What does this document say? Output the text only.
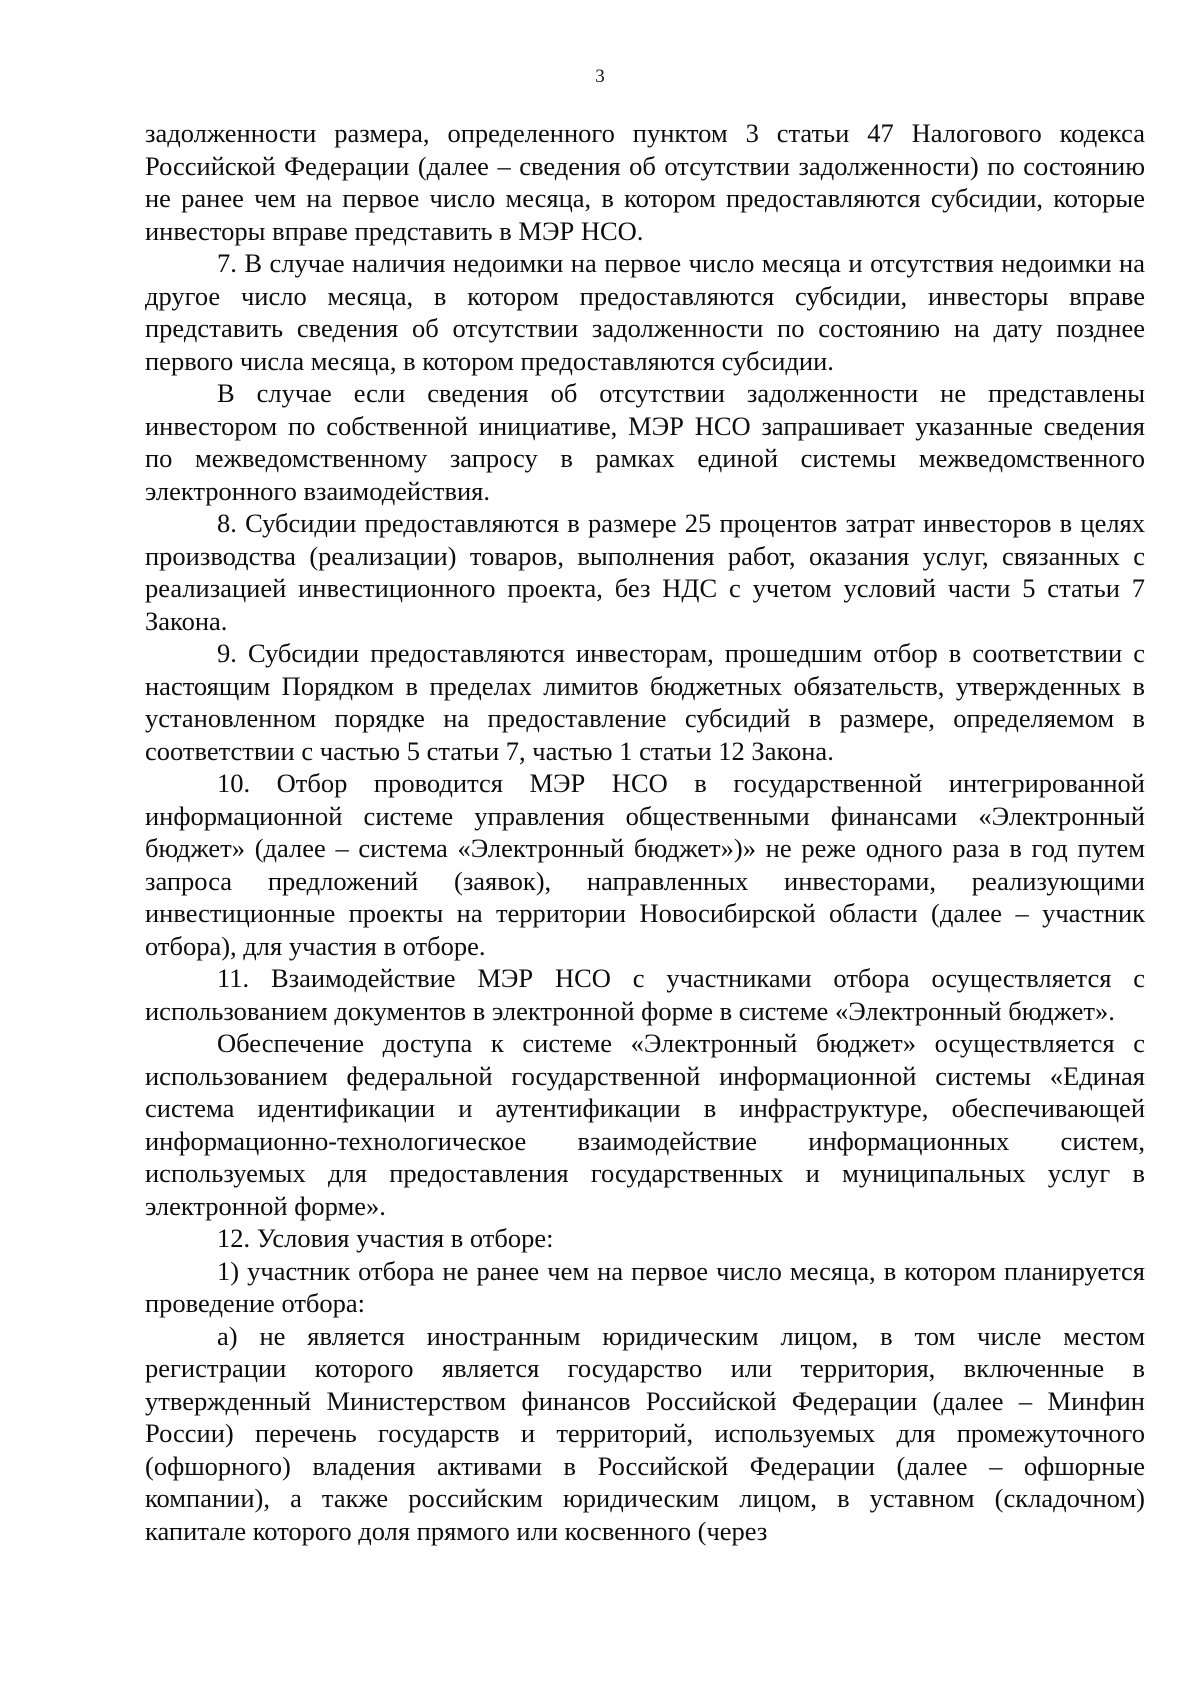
3

задолженности размера, определенного пунктом 3 статьи 47 Налогового кодекса Российской Федерации (далее – сведения об отсутствии задолженности) по состоянию не ранее чем на первое число месяца, в котором предоставляются субсидии, которые инвесторы вправе представить в МЭР НСО.

7. В случае наличия недоимки на первое число месяца и отсутствия недоимки на другое число месяца, в котором предоставляются субсидии, инвесторы вправе представить сведения об отсутствии задолженности по состоянию на дату позднее первого числа месяца, в котором предоставляются субсидии.

В случае если сведения об отсутствии задолженности не представлены инвестором по собственной инициативе, МЭР НСО запрашивает указанные сведения по межведомственному запросу в рамках единой системы межведомственного электронного взаимодействия.

8. Субсидии предоставляются в размере 25 процентов затрат инвесторов в целях производства (реализации) товаров, выполнения работ, оказания услуг, связанных с реализацией инвестиционного проекта, без НДС с учетом условий части 5 статьи 7 Закона.

9. Субсидии предоставляются инвесторам, прошедшим отбор в соответствии с настоящим Порядком в пределах лимитов бюджетных обязательств, утвержденных в установленном порядке на предоставление субсидий в размере, определяемом в соответствии с частью 5 статьи 7, частью 1 статьи 12 Закона.

10. Отбор проводится МЭР НСО в государственной интегрированной информационной системе управления общественными финансами «Электронный бюджет» (далее – система «Электронный бюджет»)» не реже одного раза в год путем запроса предложений (заявок), направленных инвесторами, реализующими инвестиционные проекты на территории Новосибирской области (далее – участник отбора), для участия в отборе.

11. Взаимодействие МЭР НСО с участниками отбора осуществляется с использованием документов в электронной форме в системе «Электронный бюджет».

Обеспечение доступа к системе «Электронный бюджет» осуществляется с использованием федеральной государственной информационной системы «Единая система идентификации и аутентификации в инфраструктуре, обеспечивающей информационно-технологическое взаимодействие информационных систем, используемых для предоставления государственных и муниципальных услуг в электронной форме».

12. Условия участия в отборе:

1) участник отбора не ранее чем на первое число месяца, в котором планируется проведение отбора:

а) не является иностранным юридическим лицом, в том числе местом регистрации которого является государство или территория, включенные в утвержденный Министерством финансов Российской Федерации (далее – Минфин России) перечень государств и территорий, используемых для промежуточного (офшорного) владения активами в Российской Федерации (далее – офшорные компании), а также российским юридическим лицом, в уставном (складочном) капитале которого доля прямого или косвенного (через
